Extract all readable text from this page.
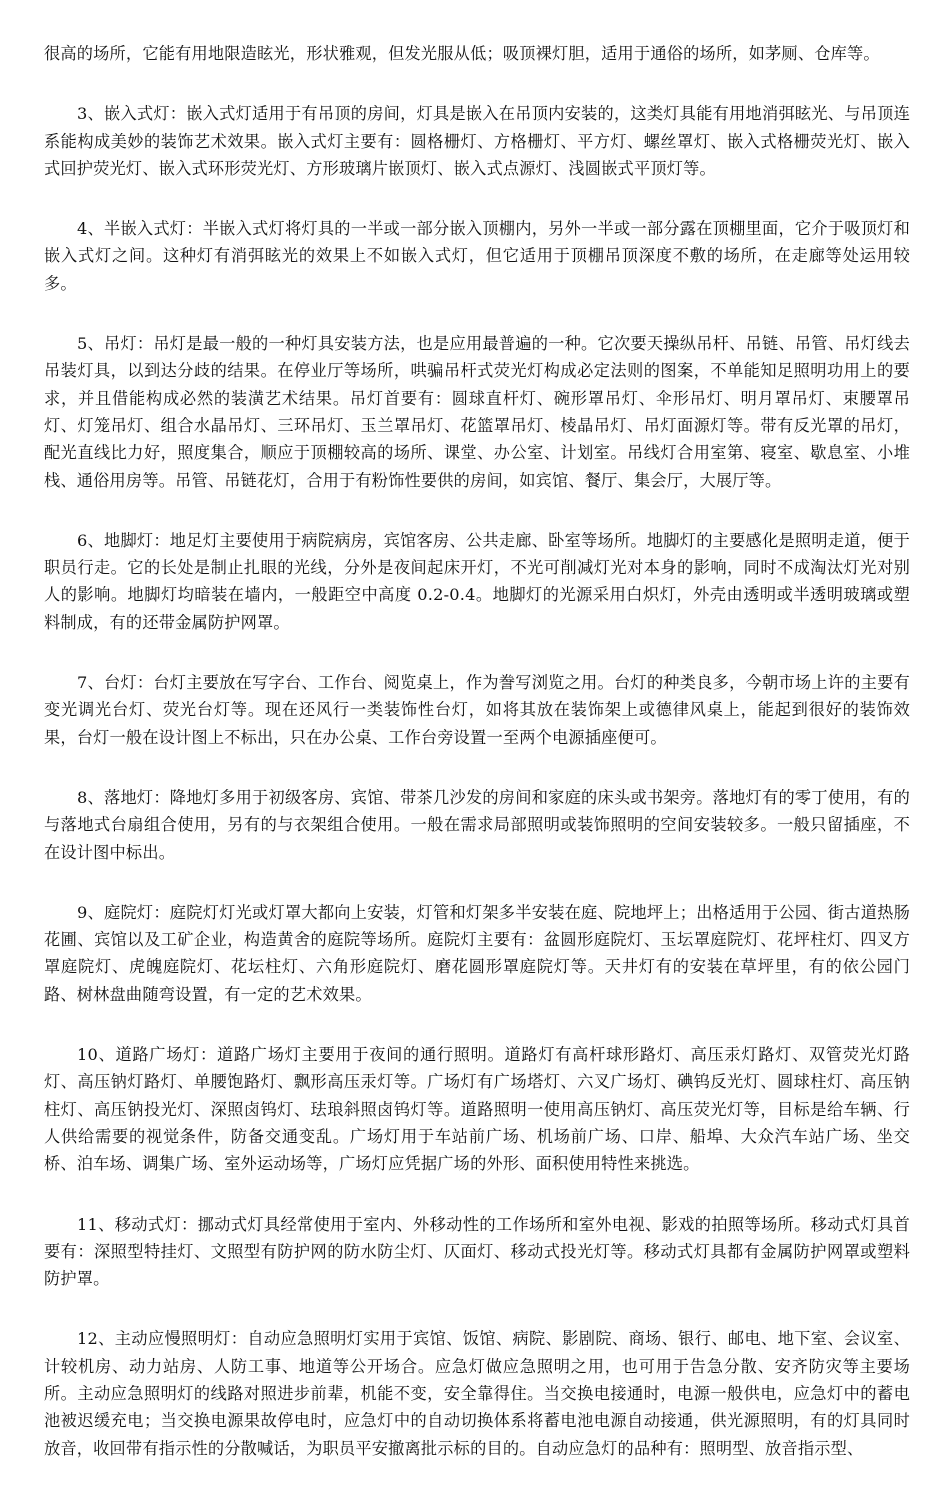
很高的场所，它能有用地限造眩光，形状雅观，但发光服从低；吸顶裸灯胆，适用于通俗的场所，如茅厕、仓库等。

3、嵌入式灯：嵌入式灯适用于有吊顶的房间，灯具是嵌入在吊顶内安装的，这类灯具能有用地消弭眩光、与吊顶连系能构成美妙的装饰艺术效果。嵌入式灯主要有：圆格栅灯、方格栅灯、平方灯、螺丝罩灯、嵌入式格栅荧光灯、嵌入式回护荧光灯、嵌入式环形荧光灯、方形玻璃片嵌顶灯、嵌入式点源灯、浅圆嵌式平顶灯等。

4、半嵌入式灯：半嵌入式灯将灯具的一半或一部分嵌入顶棚内，另外一半或一部分露在顶棚里面，它介于吸顶灯和嵌入式灯之间。这种灯有消弭眩光的效果上不如嵌入式灯，但它适用于顶棚吊顶深度不敷的场所，在走廊等处运用较多。

5、吊灯：吊灯是最一般的一种灯具安装方法，也是应用最普遍的一种。它次要天操纵吊杆、吊链、吊管、吊灯线去吊装灯具，以到达分歧的结果。在停业厅等场所，哄骗吊杆式荧光灯构成必定法则的图案，不单能知足照明功用上的要求，并且借能构成必然的装潢艺术结果。吊灯首要有：圆球直杆灯、碗形罩吊灯、伞形吊灯、明月罩吊灯、束腰罩吊灯、灯笼吊灯、组合水晶吊灯、三环吊灯、玉兰罩吊灯、花篮罩吊灯、棱晶吊灯、吊灯面源灯等。带有反光罩的吊灯，配光直线比力好，照度集合，顺应于顶棚较高的场所、课堂、办公室、计划室。吊线灯合用室第、寝室、歇息室、小堆栈、通俗用房等。吊管、吊链花灯，合用于有粉饰性要供的房间，如宾馆、餐厅、集会厅，大展厅等。

6、地脚灯：地足灯主要使用于病院病房，宾馆客房、公共走廊、卧室等场所。地脚灯的主要感化是照明走道，便于职员行走。它的长处是制止扎眼的光线，分外是夜间起床开灯，不光可削减灯光对本身的影响，同时不成淘汰灯光对别人的影响。地脚灯均暗装在墙内，一般距空中高度 0.2-0.4。地脚灯的光源采用白炽灯，外壳由透明或半透明玻璃或塑料制成，有的还带金属防护网罩。

7、台灯：台灯主要放在写字台、工作台、阅览桌上，作为誊写浏览之用。台灯的种类良多，今朝市场上许的主要有变光调光台灯、荧光台灯等。现在还风行一类装饰性台灯，如将其放在装饰架上或德律风桌上，能起到很好的装饰效果，台灯一般在设计图上不标出，只在办公桌、工作台旁设置一至两个电源插座便可。

8、落地灯：降地灯多用于初级客房、宾馆、带茶几沙发的房间和家庭的床头或书架旁。落地灯有的零丁使用，有的与落地式台扇组合使用，另有的与衣架组合使用。一般在需求局部照明或装饰照明的空间安装较多。一般只留插座，不在设计图中标出。

9、庭院灯：庭院灯灯光或灯罩大都向上安装，灯管和灯架多半安装在庭、院地坪上；出格适用于公园、街古道热肠花圃、宾馆以及工矿企业，构造黄舍的庭院等场所。庭院灯主要有：盆圆形庭院灯、玉坛罩庭院灯、花坪柱灯、四叉方罩庭院灯、虎魄庭院灯、花坛柱灯、六角形庭院灯、磨花圆形罩庭院灯等。天井灯有的安装在草坪里，有的依公园门路、树林盘曲随弯设置，有一定的艺术效果。

10、道路广场灯：道路广场灯主要用于夜间的通行照明。道路灯有高杆球形路灯、高压汞灯路灯、双管荧光灯路灯、高压钠灯路灯、单腰饱路灯、飘形高压汞灯等。广场灯有广场塔灯、六叉广场灯、碘钨反光灯、圆球柱灯、高压钠柱灯、高压钠投光灯、深照卤钨灯、珐琅斜照卤钨灯等。道路照明一使用高压钠灯、高压荧光灯等，目标是给车辆、行人供给需要的视觉条件，防备交通变乱。广场灯用于车站前广场、机场前广场、口岸、船埠、大众汽车站广场、坐交桥、泊车场、调集广场、室外运动场等，广场灯应凭据广场的外形、面积使用特性来挑选。

11、移动式灯：挪动式灯具经常使用于室内、外移动性的工作场所和室外电视、影戏的拍照等场所。移动式灯具首要有：深照型特挂灯、文照型有防护网的防水防尘灯、仄面灯、移动式投光灯等。移动式灯具都有金属防护网罩或塑料防护罩。

12、主动应慢照明灯：自动应急照明灯实用于宾馆、饭馆、病院、影剧院、商场、银行、邮电、地下室、会议室、计较机房、动力站房、人防工事、地道等公开场合。应急灯做应急照明之用，也可用于告急分散、安齐防灾等主要场所。主动应急照明灯的线路对照进步前辈，机能不变，安全靠得住。当交换电接通时，电源一般供电，应急灯中的蓄电池被迟缓充电；当交换电源果故停电时，应急灯中的自动切换体系将蓄电池电源自动接通，供光源照明，有的灯具同时放音，收回带有指示性的分散喊话，为职员平安撤离批示标的目的。自动应急灯的品种有：照明型、放音指示型、
